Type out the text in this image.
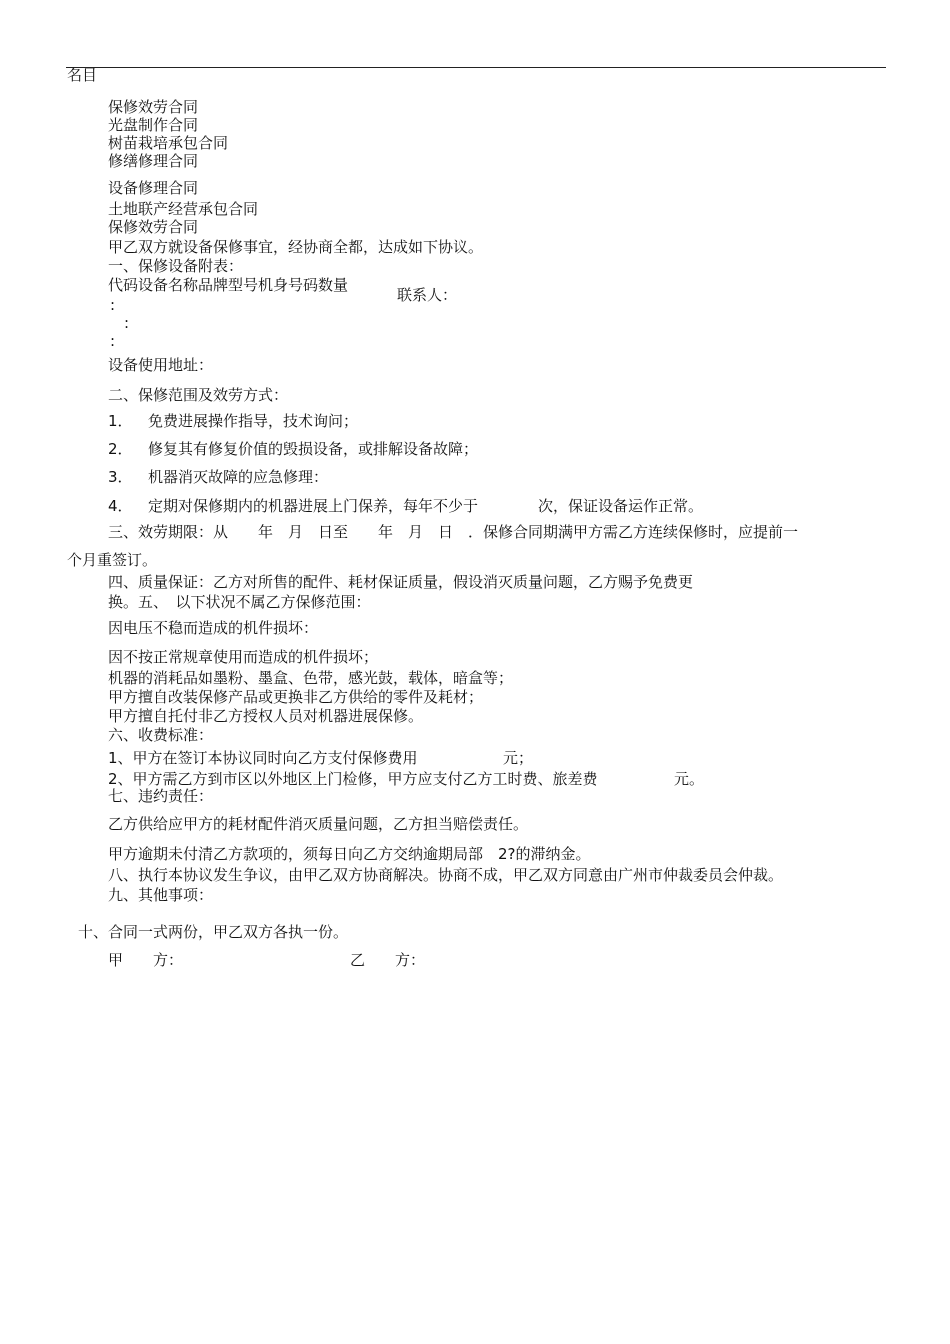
名目
保修效劳合同
光盘制作合同
树苗栽培承包合同
修缮修理合同
设备修理合同
土地联产经营承包合同
保修效劳合同
甲乙双方就设备保修事宜，经协商全都，达成如下协议。
一、保修设备附表：
代码设备名称品牌型号机身号码数量
联系人：
:
:
:
设备使用地址：
二、保修范围及效劳方式：
1． 免费进展操作指导，技术询问；
2． 修复其有修复价值的毁损设备，或排解设备故障；
3． 机器消灭故障的应急修理：
4． 定期对保修期内的机器进展上门保养，每年不少于	次，保证设备运作正常。
三、效劳期限：从　　年　月　日至　　年　月　日　．保修合同期满甲方需乙方连续保修时，应提前一
个月重签订。
四、质量保证：乙方对所售的配件、耗材保证质量，假设消灭质量问题，乙方赐予免费更
换。五、　以下状况不属乙方保修范围：
因电压不稳而造成的机件损坏：
因不按正常规章使用而造成的机件损坏；
机器的消耗品如墨粉、墨盒、色带，感光鼓，载体，暗盒等；
甲方擅自改装保修产品或更换非乙方供给的零件及耗材；
甲方擅自托付非乙方授权人员对机器进展保修。
六、收费标准：
1、甲方在签订本协议同时向乙方支付保修费用	元；
2、甲方需乙方到市区以外地区上门检修，甲方应支付乙方工时费、旅差费	元。
七、违约责任：
乙方供给应甲方的耗材配件消灭质量问题，乙方担当赔偿责任。
甲方逾期未付清乙方款项的，须每日向乙方交纳逾期局部　2?的滞纳金。
八、执行本协议发生争议，由甲乙双方协商解决。协商不成，甲乙双方同意由广州市仲裁委员会仲裁。
九、其他事项：
十、合同一式两份，甲乙双方各执一份。
甲　　方：	乙　　方：
